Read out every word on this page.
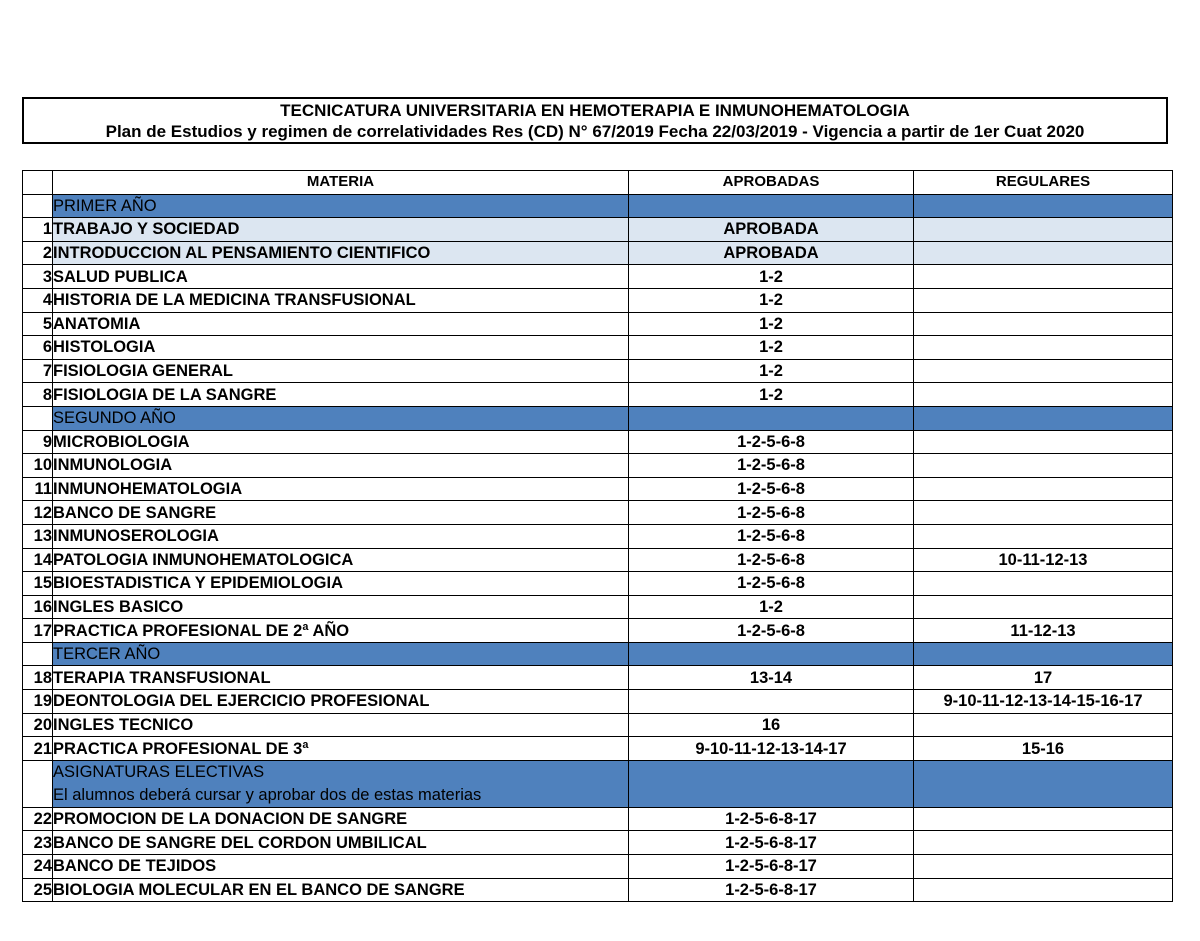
TECNICATURA UNIVERSITARIA EN HEMOTERAPIA E INMUNOHEMATOLOGIA
Plan de Estudios y regimen de correlatividades Res (CD) N° 67/2019 Fecha 22/03/2019 - Vigencia a partir de 1er Cuat 2020
	MATERIA	APROBADAS	REGULARES
	PRIMER AÑO		
1	TRABAJO Y SOCIEDAD	APROBADA	
2	INTRODUCCION AL PENSAMIENTO CIENTIFICO	APROBADA	
3	SALUD PUBLICA	1-2	
4	HISTORIA DE LA MEDICINA TRANSFUSIONAL	1-2	
5	ANATOMIA	1-2	
6	HISTOLOGIA	1-2	
7	FISIOLOGIA GENERAL	1-2	
8	FISIOLOGIA DE LA SANGRE	1-2	
	SEGUNDO AÑO		
9	MICROBIOLOGIA	1-2-5-6-8	
10	INMUNOLOGIA	1-2-5-6-8	
11	INMUNOHEMATOLOGIA	1-2-5-6-8	
12	BANCO DE SANGRE	1-2-5-6-8	
13	INMUNOSEROLOGIA	1-2-5-6-8	
14	PATOLOGIA INMUNOHEMATOLOGICA	1-2-5-6-8	10-11-12-13
15	BIOESTADISTICA Y EPIDEMIOLOGIA	1-2-5-6-8	
16	INGLES BASICO	1-2	
17	PRACTICA PROFESIONAL DE 2ª AÑO	1-2-5-6-8	11-12-13
	TERCER AÑO		
18	TERAPIA TRANSFUSIONAL	13-14	17
19	DEONTOLOGIA DEL EJERCICIO PROFESIONAL		9-10-11-12-13-14-15-16-17
20	INGLES TECNICO	16	
21	PRACTICA PROFESIONAL DE 3ª	9-10-11-12-13-14-17	15-16

	ASIGNATURAS ELECTIVAS
El alumnos deberá cursar y aprobar dos de estas materias		

22	PROMOCION DE LA DONACION DE SANGRE	1-2-5-6-8-17	
23	BANCO DE SANGRE DEL CORDON UMBILICAL	1-2-5-6-8-17	
24	BANCO DE TEJIDOS	1-2-5-6-8-17	
25	BIOLOGIA MOLECULAR EN EL BANCO DE SANGRE	1-2-5-6-8-17	
